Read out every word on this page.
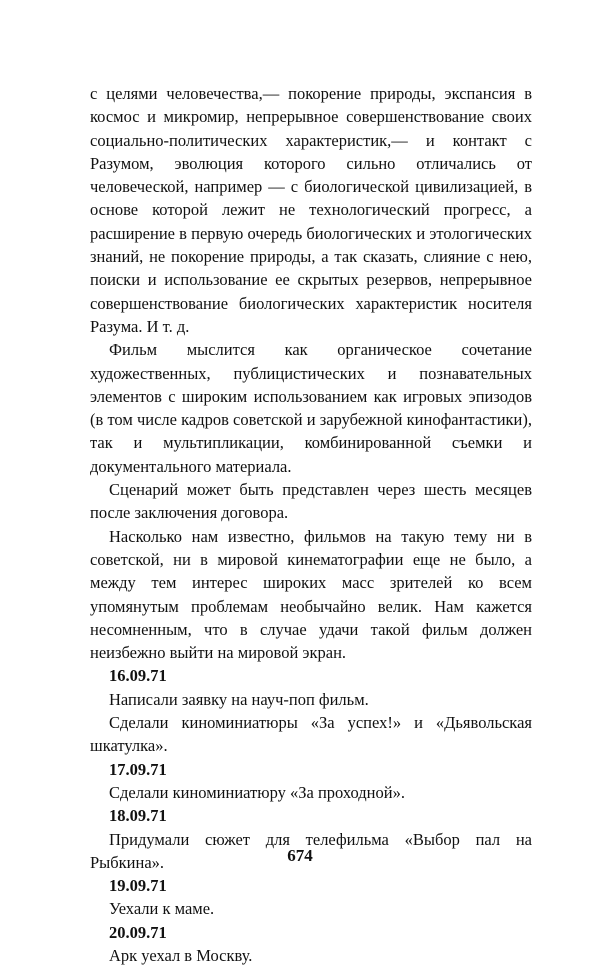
с целями человечества,— покорение природы, экспансия в космос и микромир, непрерывное совершенствование своих социально-политических характеристик,— и контакт с Разумом, эволюция которого сильно отличались от человеческой, например — с биологической цивилизацией, в основе которой лежит не технологический прогресс, а расширение в первую очередь биологических и этологических знаний, не покорение природы, а так сказать, слияние с нею, поиски и использование ее скрытых резервов, непрерывное совершенствование биологических характеристик носителя Разума. И т. д.

Фильм мыслится как органическое сочетание художественных, публицистических и познавательных элементов с широким использованием как игровых эпизодов (в том числе кадров советской и зарубежной кинофантастики), так и мультипликации, комбинированной съемки и документального материала.

Сценарий может быть представлен через шесть месяцев после заключения договора.

Насколько нам известно, фильмов на такую тему ни в советской, ни в мировой кинематографии еще не было, а между тем интерес широких масс зрителей ко всем упомянутым проблемам необычайно велик. Нам кажется несомненным, что в случае удачи такой фильм должен неизбежно выйти на мировой экран.

16.09.71

Написали заявку на науч-поп фильм.

Сделали киноминиатюры «За успех!» и «Дьявольская шкатулка».

17.09.71

Сделали киноминиатюру «За проходной».

18.09.71

Придумали сюжет для телефильма «Выбор пал на Рыбкина».

19.09.71

Уехали к маме.

20.09.71

Арк уехал в Москву.

674
